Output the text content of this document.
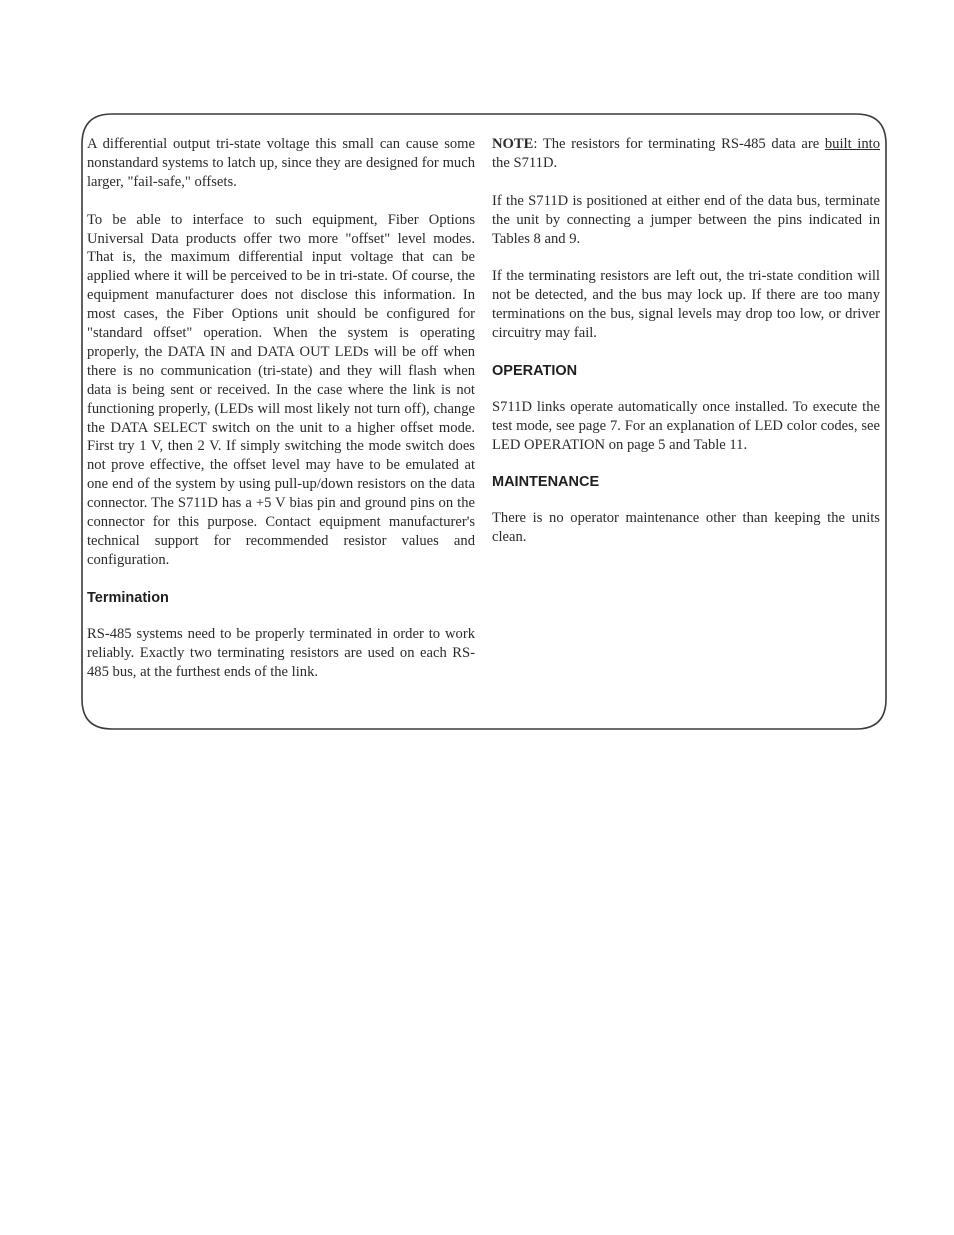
A differential output tri-state voltage this small can cause some nonstandard systems to latch up, since they are designed for much larger, "fail-safe," offsets.

To be able to interface to such equipment, Fiber Options Universal Data products offer two more "offset" level modes. That is, the maximum differential input voltage that can be applied where it will be perceived to be in tri-state. Of course, the equipment manufacturer does not disclose this information. In most cases, the Fiber Options unit should be configured for "standard offset" operation. When the system is operating properly, the DATA IN and DATA OUT LEDs will be off when there is no communication (tri-state) and they will flash when data is being sent or received. In the case where the link is not functioning properly, (LEDs will most likely not turn off), change the DATA SELECT switch on the unit to a higher offset mode. First try 1 V, then 2 V. If simply switching the mode switch does not prove effective, the offset level may have to be emulated at one end of the system by using pull-up/down resistors on the data connector. The S711D has a +5 V bias pin and ground pins on the connector for this purpose. Contact equipment manufacturer's technical support for recommended resistor values and configuration.

Termination

RS-485 systems need to be properly terminated in order to work reliably. Exactly two terminating resistors are used on each RS-485 bus, at the furthest ends of the link.

NOTE: The resistors for terminating RS-485 data are built into the S711D.

If the S711D is positioned at either end of the data bus, terminate the unit by connecting a jumper between the pins indicated in Tables 8 and 9.

If the terminating resistors are left out, the tri-state condition will not be detected, and the bus may lock up. If there are too many terminations on the bus, signal levels may drop too low, or driver circuitry may fail.

OPERATION

S711D links operate automatically once installed. To execute the test mode, see page 7. For an explanation of LED color codes, see LED OPERATION on page 5 and Table 11.

MAINTENANCE

There is no operator maintenance other than keeping the units clean.
